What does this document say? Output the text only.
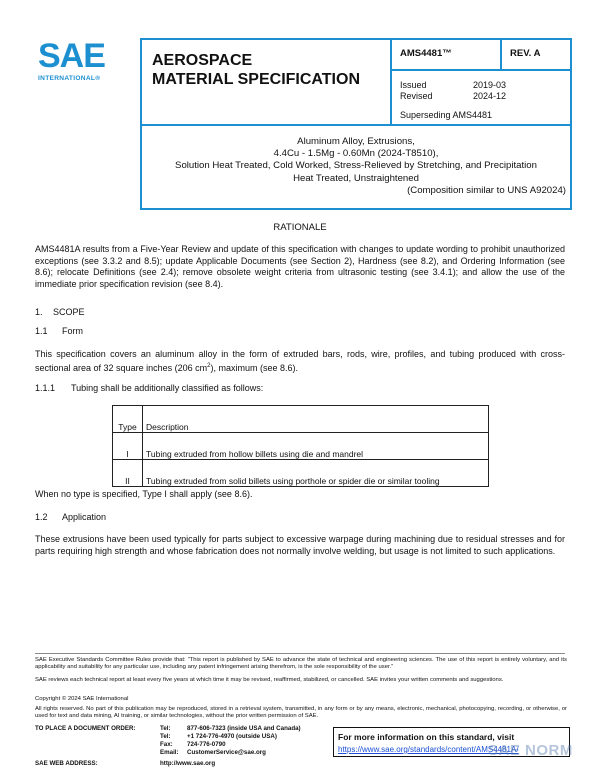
SAE
INTERNATIONAL®
AEROSPACE
MATERIAL SPECIFICATION
AMS4481™	REV. A
Issued	2019-03
Revised	2024-12
Superseding AMS4481
Aluminum Alloy, Extrusions,
4.4Cu - 1.5Mg - 0.60Mn (2024-T8510),
Solution Heat Treated, Cold Worked, Stress-Relieved by Stretching, and Precipitation
Heat Treated, Unstraightened
(Composition similar to UNS A92024)
RATIONALE
AMS4481A results from a Five-Year Review and update of this specification with changes to update wording to prohibit unauthorized exceptions (see 3.3.2 and 8.5); update Applicable Documents (see Section 2), Hardness (see 8.2), and Ordering Information (see 8.6); relocate Definitions (see 2.4); remove obsolete weight criteria from ultrasonic testing (see 3.4.1); and allow the use of the immediate prior specification revision (see 8.4).
1. SCOPE
1.1 Form
This specification covers an aluminum alloy in the form of extruded bars, rods, wire, profiles, and tubing produced with cross-sectional area of 32 square inches (206 $cm^2$), maximum (see 8.6).
1.1.1 Tubing shall be additionally classified as follows:
Type	Description
I	Tubing extruded from hollow billets using die and mandrel
II	Tubing extruded from solid billets using porthole or spider die or similar tooling
When no type is specified, Type I shall apply (see 8.6).
1.2 Application
These extrusions have been used typically for parts subject to excessive warpage during machining due to residual stresses and for parts requiring high strength and whose fabrication does not normally involve welding, but usage is not limited to such applications.
SAE Executive Standards Committee Rules provide that: “This report is published by SAE to advance the state of technical and engineering sciences. The use of this report is entirely voluntary, and its applicability and suitability for any particular use, including any patent infringement arising therefrom, is the sole responsibility of the user.”
SAE reviews each technical report at least every five years at which time it may be revised, reaffirmed, stabilized, or cancelled. SAE invites your written comments and suggestions.
Copyright © 2024 SAE International
All rights reserved. No part of this publication may be reproduced, stored in a retrieval system, transmitted, in any form or by any means, electronic, mechanical, photocopying, recording, or otherwise, or used for text and data mining, AI training, or similar technologies, without the prior written permission of SAE.
TO PLACE A DOCUMENT ORDER:	Tel:	877-606-7323 (inside USA and Canada)
Tel:	+1 724-776-4970 (outside USA)
Fax: 724-776-0790
Email: CustomerService@sae.org
SAE WEB ADDRESS:	http://www.sae.org
For more information on this standard, visit
https://www.sae.org/standards/content/AMS4481A/
SAE NORM
